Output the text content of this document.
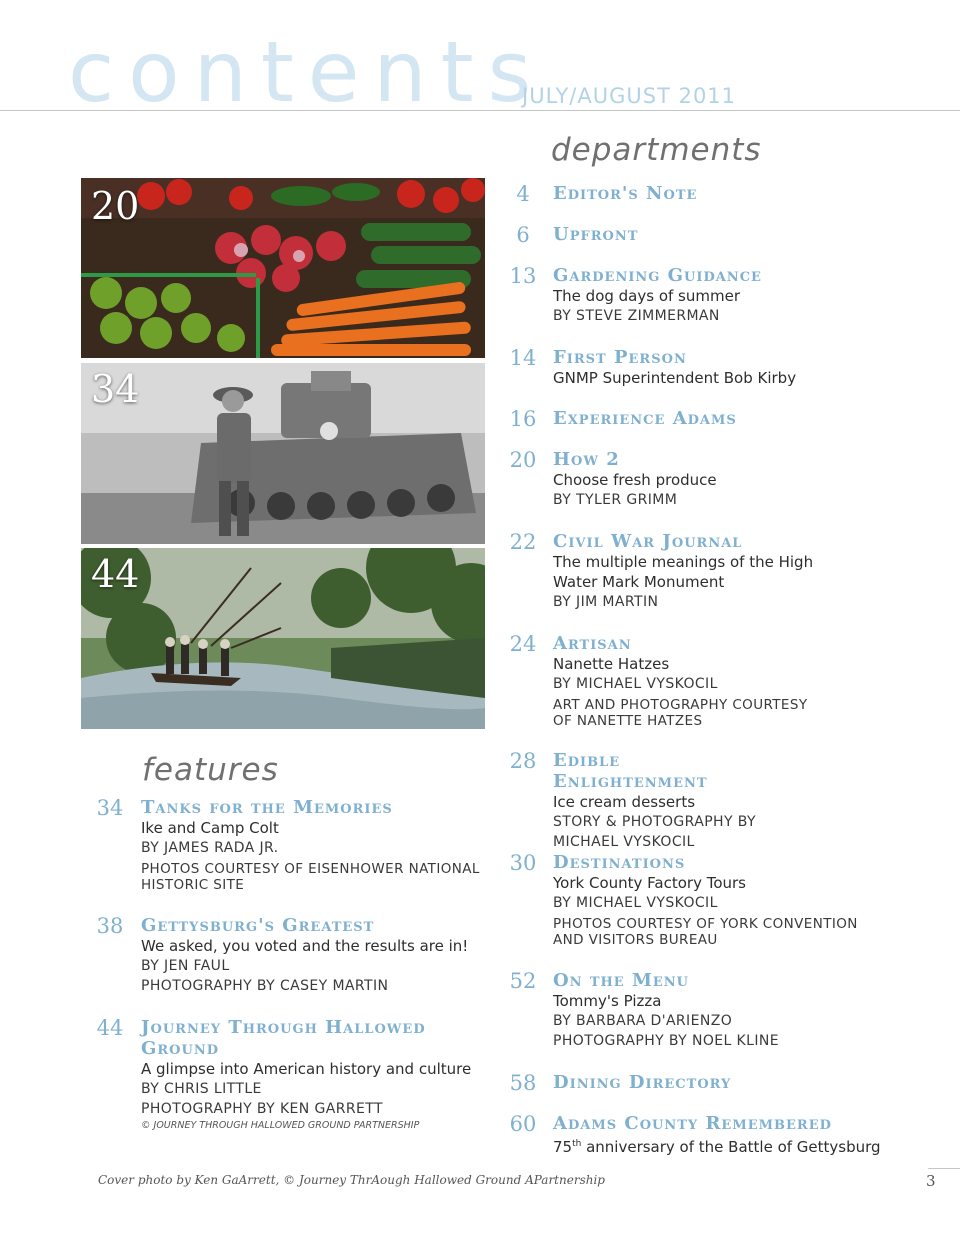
contents
JULY/AUGUST 2011
departments
20
34
44
features
34 Tanks for the Memories
Ike and Camp Colt
BY JAMES RADA JR.
PHOTOS COURTESY OF EISENHOWER NATIONAL HISTORIC SITE
38 Gettysburg's Greatest
We asked, you voted and the results are in!
BY JEN FAUL
PHOTOGRAPHY BY CASEY MARTIN
44 Journey Through Hallowed Ground
A glimpse into American history and culture
BY CHRIS LITTLE
PHOTOGRAPHY BY KEN GARRETT
© JOURNEY THROUGH HALLOWED GROUND PARTNERSHIP
4	Editor's Note
6	Upfront
13 Gardening Guidance
The dog days of summer
BY STEVE ZIMMERMAN
14 First Person
GNMP Superintendent Bob Kirby
16 Experience Adams
20 How 2
Choose fresh produce
BY TYLER GRIMM
22 Civil War Journal
The multiple meanings of the High Water Mark Monument
BY JIM MARTIN
24 Artisan
Nanette Hatzes
BY MICHAEL VYSKOCIL
ART AND PHOTOGRAPHY COURTESY OF NANETTE HATZES
28 Edible Enlightenment
Ice cream desserts
STORY & PHOTOGRAPHY BY MICHAEL VYSKOCIL
30 Destinations
York County Factory Tours
BY MICHAEL VYSKOCIL
PHOTOS COURTESY OF YORK CONVENTION AND VISITORS BUREAU
52 On the Menu
Tommy's Pizza
BY BARBARA D'ARIENZO
PHOTOGRAPHY BY NOEL KLINE
58 Dining Directory
60 Adams County Remembered
75th anniversary of the Battle of Gettysburg
Cover photo by Ken GaArrett, © Journey ThrAough Hallowed Ground APartnership	3
